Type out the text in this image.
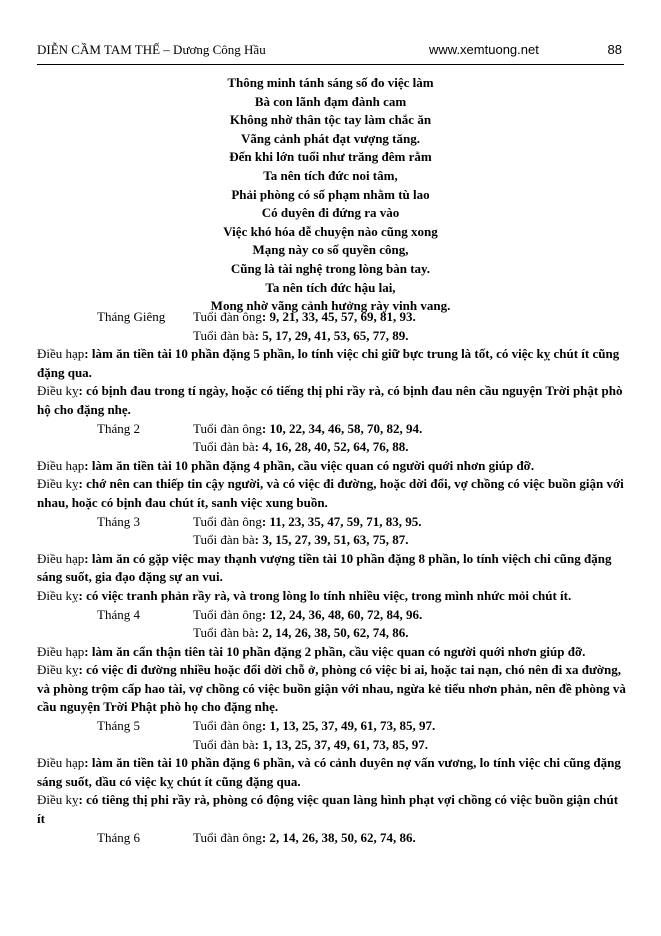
DIỄN CẦM TAM THẾ – Dương Công Hầu	www.xemtuong.net	88
Thông minh tánh sáng số đo việc làm
Bà con lãnh đạm đành cam
Không nhờ thân tộc tay làm chắc ăn
Vãng cảnh phát đạt vượng tăng.
Đến khi lớn tuổi như trăng đêm rằm
Ta nên tích đức noi tâm,
Phải phòng có số phạm nhằm tù lao
Có duyên đi đứng ra vào
Việc khó hóa dễ chuyện nào cũng xong
Mạng này co số quyền công,
Cũng là tài nghệ trong lòng bàn tay.
Ta nên tích đức hậu lai,
Mong nhờ vãng cảnh hưởng rày vinh vang.
Tháng Giêng Tuổi đàn ông: 9, 21, 33, 45, 57, 69, 81, 93.
Tuổi đàn bà: 5, 17, 29, 41, 53, 65, 77, 89.

Điều hạp: làm ăn tiền tài 10 phần đặng 5 phần, lo tính việc chi giữ bực trung là tốt, có việc kỵ chút ít cũng đặng qua.

Điều kỵ: có bịnh đau trong tí ngày, hoặc có tiếng thị phi rầy rà, có bịnh đau nên cầu nguyện Trời phật phò hộ cho đặng nhẹ.

Tháng 2	Tuổi đàn ông: 10, 22, 34, 46, 58, 70, 82, 94.
Tuổi đàn bà: 4, 16, 28, 40, 52, 64, 76, 88.

Điều hạp: làm ăn tiền tài 10 phần đặng 4 phần, cầu việc quan có người quới nhơn giúp đỡ.

Điều kỵ: chớ nên can thiếp tin cậy người, và có việc đi đường, hoặc dời đổi, vợ chồng có việc buồn giận với nhau, hoặc có bịnh đau chút ít, sanh việc xung buồn.

Tháng 3	Tuổi đàn ông: 11, 23, 35, 47, 59, 71, 83, 95.
Tuổi đàn bà: 3, 15, 27, 39, 51, 63, 75, 87.

Điều hạp: làm ăn có gặp việc may thạnh vượng tiền tài 10 phần đặng 8 phần, lo tính việch chi cũng đặng sáng suốt, gia đạo đặng sự an vui.

Điều kỵ: có việc tranh phản rầy rà, và trong lòng lo tính nhiều việc, trong mình nhức mỏi chút ít.

Tháng 4	Tuổi đàn ông: 12, 24, 36, 48, 60, 72, 84, 96.
Tuổi đàn bà: 2, 14, 26, 38, 50, 62, 74, 86.

Điều hạp: làm ăn cẩn thận tiên tài 10 phần đặng 2 phần, cầu việc quan có người quới nhơn giúp đỡ.

Điều kỵ: có việc đi đường nhiều hoặc đổi dời chỗ ở, phòng có việc bi ai, hoặc tai nạn, chó nên đi xa đường, và phòng trộm cấp hao tài, vợ chồng có việc buồn giận với nhau, ngừa kẻ tiểu nhơn phản, nên đề phòng và cầu nguyện Trời Phật phò họ cho đặng nhẹ.

Tháng 5	Tuổi đàn ông: 1, 13, 25, 37, 49, 61, 73, 85, 97.
Tuổi đàn bà: 1, 13, 25, 37, 49, 61, 73, 85, 97.

Điều hạp: làm ăn tiền tài 10 phần đặng 6 phần, và có cảnh duyên nợ vấn vương, lo tính việc chi cũng đặng sáng suốt, dầu có việc kỵ chút ít cũng đặng qua.

Điều kỵ: có tiêng thị phi rầy rà, phòng có động việc quan làng hình phạt vợi chồng có việc buồn giận chút ít

Tháng 6	Tuổi đàn ông: 2, 14, 26, 38, 50, 62, 74, 86.
